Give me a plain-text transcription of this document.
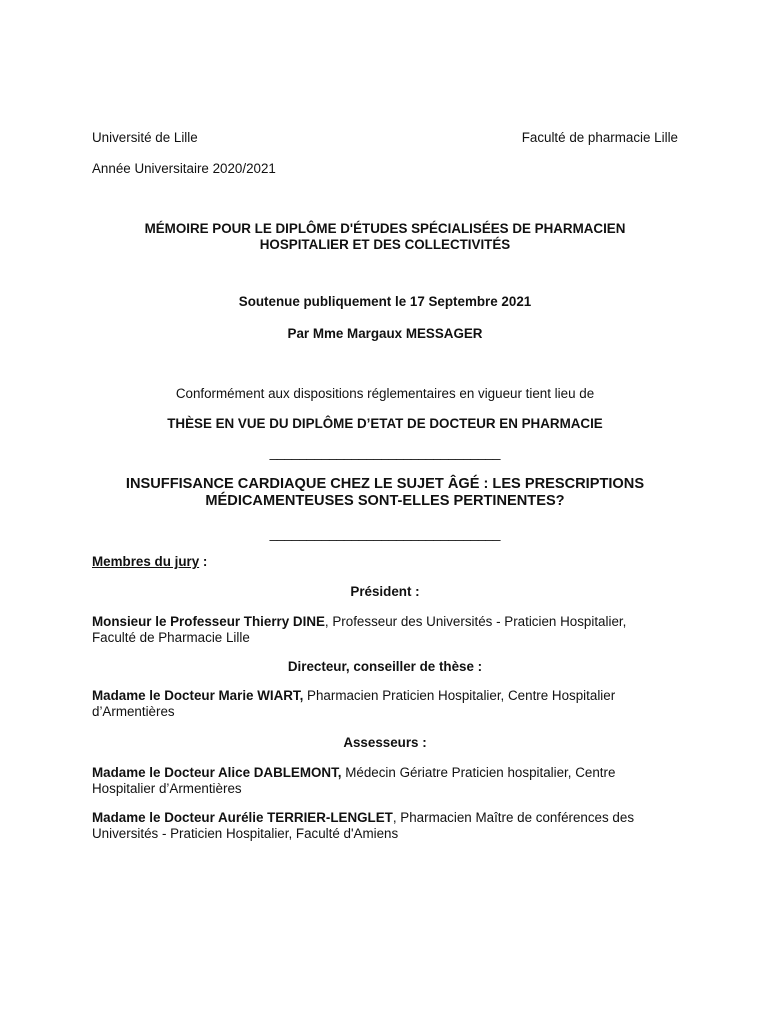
Université de Lille	Faculté de pharmacie Lille
Année Universitaire 2020/2021
MÉMOIRE POUR LE DIPLÔME D'ÉTUDES SPÉCIALISÉES DE PHARMACIEN
HOSPITALIER ET DES COLLECTIVITÉS
Soutenue publiquement le 17 Septembre 2021
Par Mme Margaux MESSAGER
Conformément aux dispositions réglementaires en vigueur tient lieu de
THÈSE EN VUE DU DIPLÔME D’ETAT DE DOCTEUR EN PHARMACIE
_______________________________
INSUFFISANCE CARDIAQUE CHEZ LE SUJET ÂGÉ : LES PRESCRIPTIONS
MÉDICAMENTEUSES SONT-ELLES PERTINENTES?
_______________________________
Membres du jury :
Président :
Monsieur le Professeur Thierry DINE, Professeur des Universités - Praticien Hospitalier,
Faculté de Pharmacie Lille
Directeur, conseiller de thèse :
Madame le Docteur Marie WIART, Pharmacien Praticien Hospitalier, Centre Hospitalier
d’Armentières
Assesseurs :
Madame le Docteur Alice DABLEMONT, Médecin Gériatre Praticien hospitalier, Centre
Hospitalier d’Armentières
Madame le Docteur Aurélie TERRIER-LENGLET, Pharmacien Maître de conférences des
Universités - Praticien Hospitalier, Faculté d'Amiens
